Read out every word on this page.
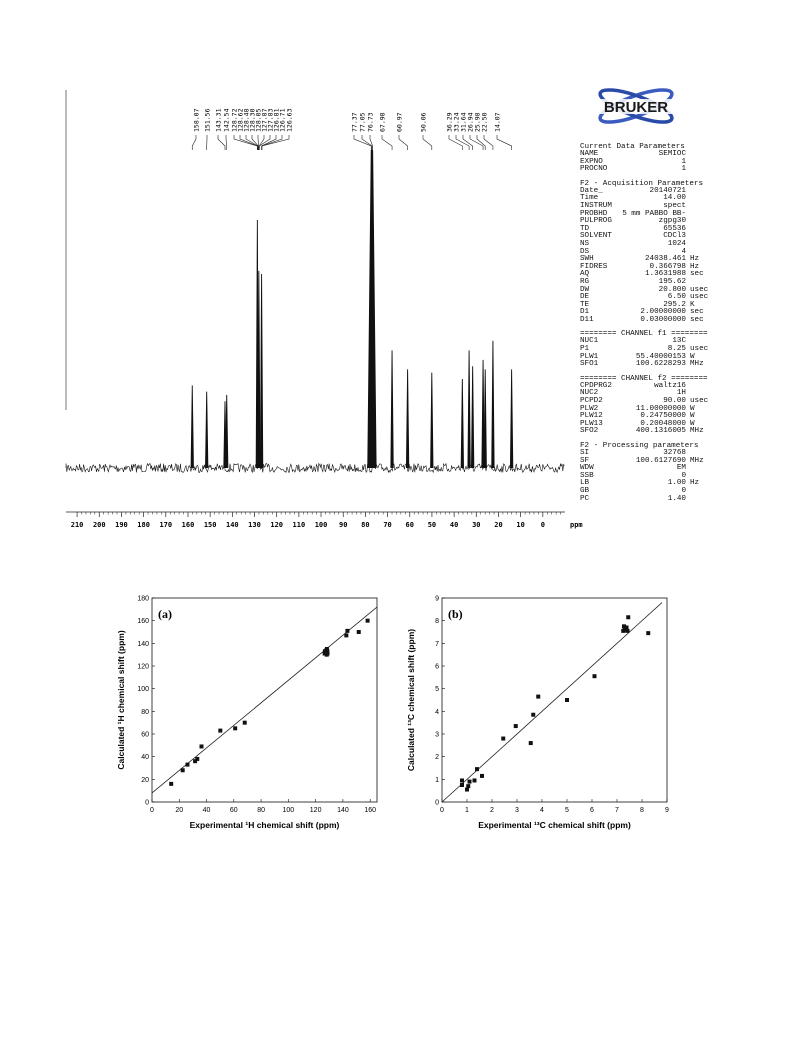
158.07 151.56 143.31 142.54 128.72
128.62
128.48
128.30
128.05
127.87
127.83
126.81
126.71 126.63	77.37 77.05 76.73 67.98 60.97 50.06	36.29 33.24 31.64 26.94 25.98 22.50 14.07
210 200 190 180 170 160 150 140 130 120 110 100 90 80 70 60 50 40 30 20 10 0	ppm
BRUKER
Current Data Parameters
NAME	SEMIOC
EXPNO	1
PROCNO	1
F2 - Acquisition Parameters
Date_	20140721
Time	14.00
INSTRUM	spect
PROBHD	5 mm PABBO BB-
PULPROG	zgpg30
TD	65536
SOLVENT	CDCl3
NS	1024
DS	4
SWH	24038.461 Hz
FIDRES	0.366798 Hz
AQ	1.3631988 sec
RG	195.62
DW	20.800 usec
DE	6.50 usec
TE	295.2 K
D1	2.00000000 sec
D11	0.03000000 sec
======== CHANNEL f1 ========
NUC1	13C
P1	8.25 usec
PLW1	55.40000153 W
SFO1	100.6228293 MHz
======== CHANNEL f2 ========
CPDPRG2	waltz16
NUC2	1H
PCPD2	90.00 usec
PLW2	11.00000000 W
PLW12	0.24750000 W
PLW13	0.20048000 W
SFO2	400.1316005 MHz
F2 - Processing parameters
SI	32768
SF	100.6127690 MHz
WDW	EM
SSB	0
LB	1.00 Hz
GB	0
PC	1.40
0	20	40	60	80	100 120 140 160
0
20
40
60
80
100
120
140
160
180
(a)
Experimental ¹H chemical shift (ppm)
Calculated ¹H chemical shift (ppm)
0	1	2	3	4	5	6	7	8	9
0
1
2
3
4
5
6
7
8
9
(b)
Experimental ¹³C chemical shift (ppm)
Calculated ¹³C chemical shift (ppm)
